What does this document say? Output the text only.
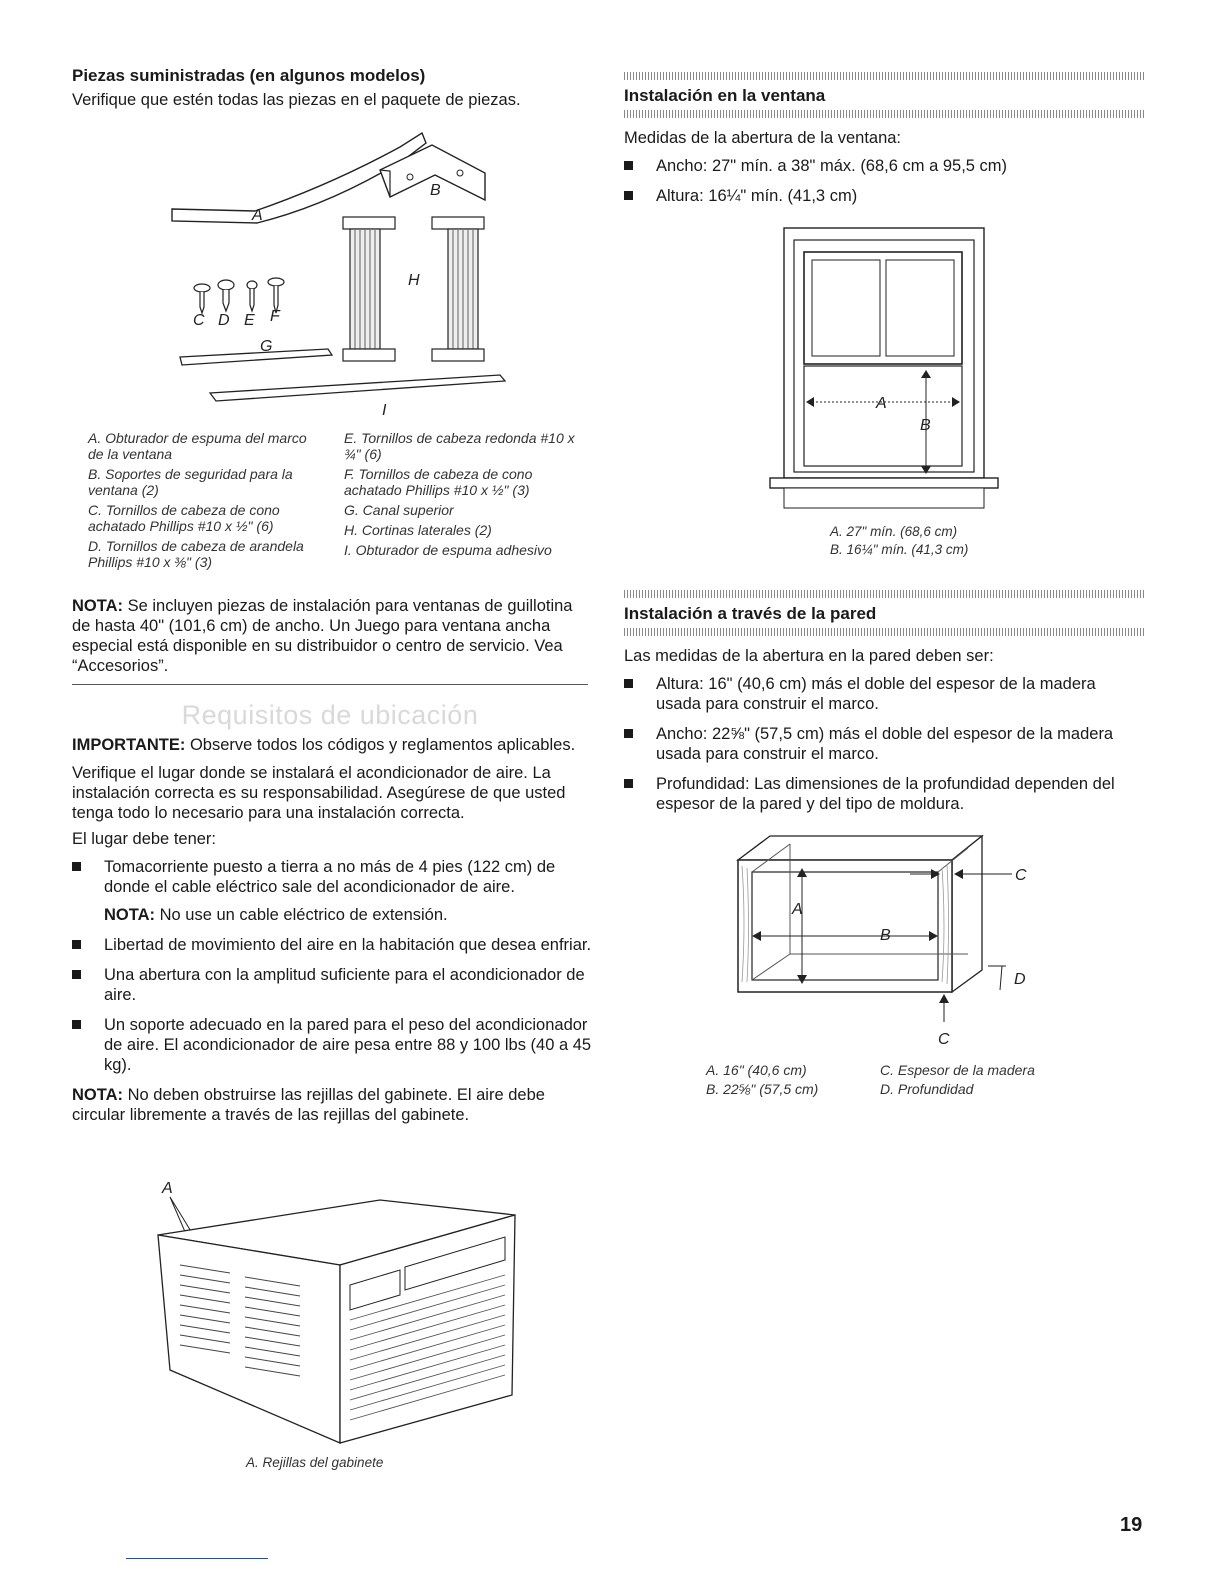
Piezas suministradas (en algunos modelos)

Verifique que estén todas las piezas en el paquete de piezas.

A
B
C D E F
G
H
I
A. Obturador de espuma del marco de la ventana
B. Soportes de seguridad para la ventana (2)
C. Tornillos de cabeza de cono achatado Phillips #10 x ½" (6)
D. Tornillos de cabeza de arandela Phillips #10 x ⅜" (3)
E. Tornillos de cabeza redonda #10 x ¾" (6)
F. Tornillos de cabeza de cono achatado Phillips #10 x ½" (3)
G. Canal superior
H. Cortinas laterales (2)
I. Obturador de espuma adhesivo
NOTA: Se incluyen piezas de instalación para ventanas de guillotina de hasta 40" (101,6 cm) de ancho. Un Juego para ventana ancha especial está disponible en su distribuidor o centro de servicio. Vea “Accesorios”.
Requisitos de ubicación

IMPORTANTE: Observe todos los códigos y reglamentos aplicables.

Verifique el lugar donde se instalará el acondicionador de aire. La instalación correcta es su responsabilidad. Asegúrese de que usted tenga todo lo necesario para una instalación correcta.

El lugar debe tener:

Tomacorriente puesto a tierra a no más de 4 pies (122 cm) de donde el cable eléctrico sale del acondicionador de aire.

NOTA: No use un cable eléctrico de extensión.

Libertad de movimiento del aire en la habitación que desea enfriar.
Una abertura con la amplitud suficiente para el acondicionador de aire.
Un soporte adecuado en la pared para el peso del acondicionador de aire. El acondicionador de aire pesa entre 88 y 100 lbs (40 a 45 kg).

NOTA: No deben obstruirse las rejillas del gabinete. El aire debe circular libremente a través de las rejillas del gabinete.

A
A. Rejillas del gabinete

Instalación en la ventana

Medidas de la abertura de la ventana:

Ancho: 27" mín. a 38" máx. (68,6 cm a 95,5 cm)
Altura: 16¼" mín. (41,3 cm)
A
B
A. 27" mín. (68,6 cm)
B. 16¼" mín. (41,3 cm)

Instalación a través de la pared

Las medidas de la abertura en la pared deben ser:

Altura: 16" (40,6 cm) más el doble del espesor de la madera usada para construir el marco.
Ancho: 22⅝" (57,5 cm) más el doble del espesor de la madera usada para construir el marco.
Profundidad: Las dimensiones de la profundidad dependen del espesor de la pared y del tipo de moldura.
A
B
C
C
D
A. 16" (40,6 cm)
B. 22⅝" (57,5 cm)
C. Espesor de la madera
D. Profundidad
19
